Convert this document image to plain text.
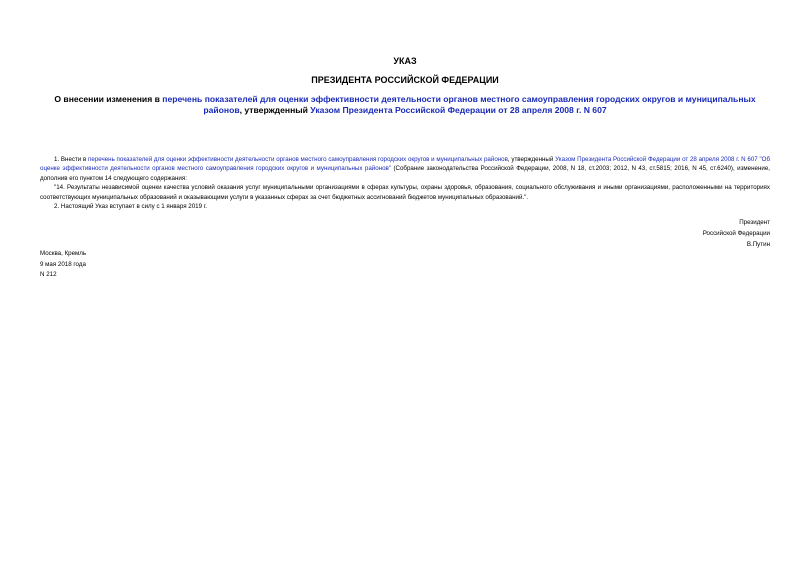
УКАЗ
ПРЕЗИДЕНТА РОССИЙСКОЙ ФЕДЕРАЦИИ
О внесении изменения в перечень показателей для оценки эффективности деятельности органов местного самоуправления городских округов и муниципальных районов, утвержденный Указом Президента Российской Федерации от 28 апреля 2008 г. N 607

1. Внести в перечень показателей для оценки эффективности деятельности органов местного самоуправления городских округов и муниципальных районов, утвержденный Указом Президента Российской Федерации от 28 апреля 2008 г. N 607 "Об оценке эффективности деятельности органов местного самоуправления городских округов и муниципальных районов" (Собрание законодательства Российской Федерации, 2008, N 18, ст.2003; 2012, N 43, ст.5815; 2016, N 45, ст.6240), изменение, дополнив его пунктом 14 следующего содержания:

"14. Результаты независимой оценки качества условий оказания услуг муниципальными организациями в сферах культуры, охраны здоровья, образования, социального обслуживания и иными организациями, расположенными на территориях соответствующих муниципальных образований и оказывающими услуги в указанных сферах за счет бюджетных ассигнований бюджетов муниципальных образований.".

2. Настоящий Указ вступает в силу с 1 января 2019 г.

Президент
Российской Федерации
В.Путин
Москва, Кремль
9 мая 2018 года
N 212
